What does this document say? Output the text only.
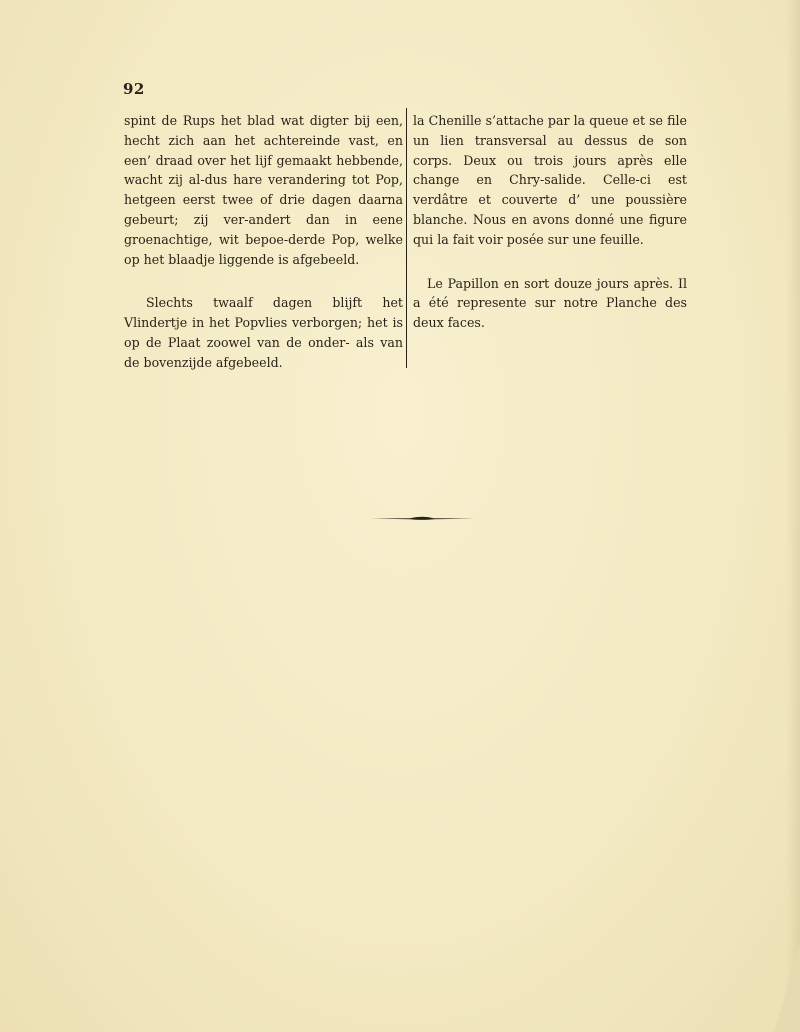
92

spint de Rups het blad wat digter bij een, hecht zich aan het achtereinde vast, en een’ draad over het lijf gemaakt hebbende, wacht zij al-dus hare verandering tot Pop, hetgeen eerst twee of drie dagen daarna gebeurt; zij ver-andert dan in eene groenachtige, wit bepoe-derde Pop, welke op het blaadje liggende is afgebeeld.

Slechts twaalf dagen blijft het Vlindertje in het Popvlies verborgen; het is op de Plaat zoowel van de onder- als van de bovenzijde afgebeeld.

la Chenille s’attache par la queue et se file un lien transversal au dessus de son corps. Deux ou trois jours après elle change en Chry-salide. Celle-ci est verdâtre et couverte d’ une poussière blanche. Nous en avons donné une figure qui la fait voir posée sur une feuille.

Le Papillon en sort douze jours après. Il a été represente sur notre Planche des deux faces.
